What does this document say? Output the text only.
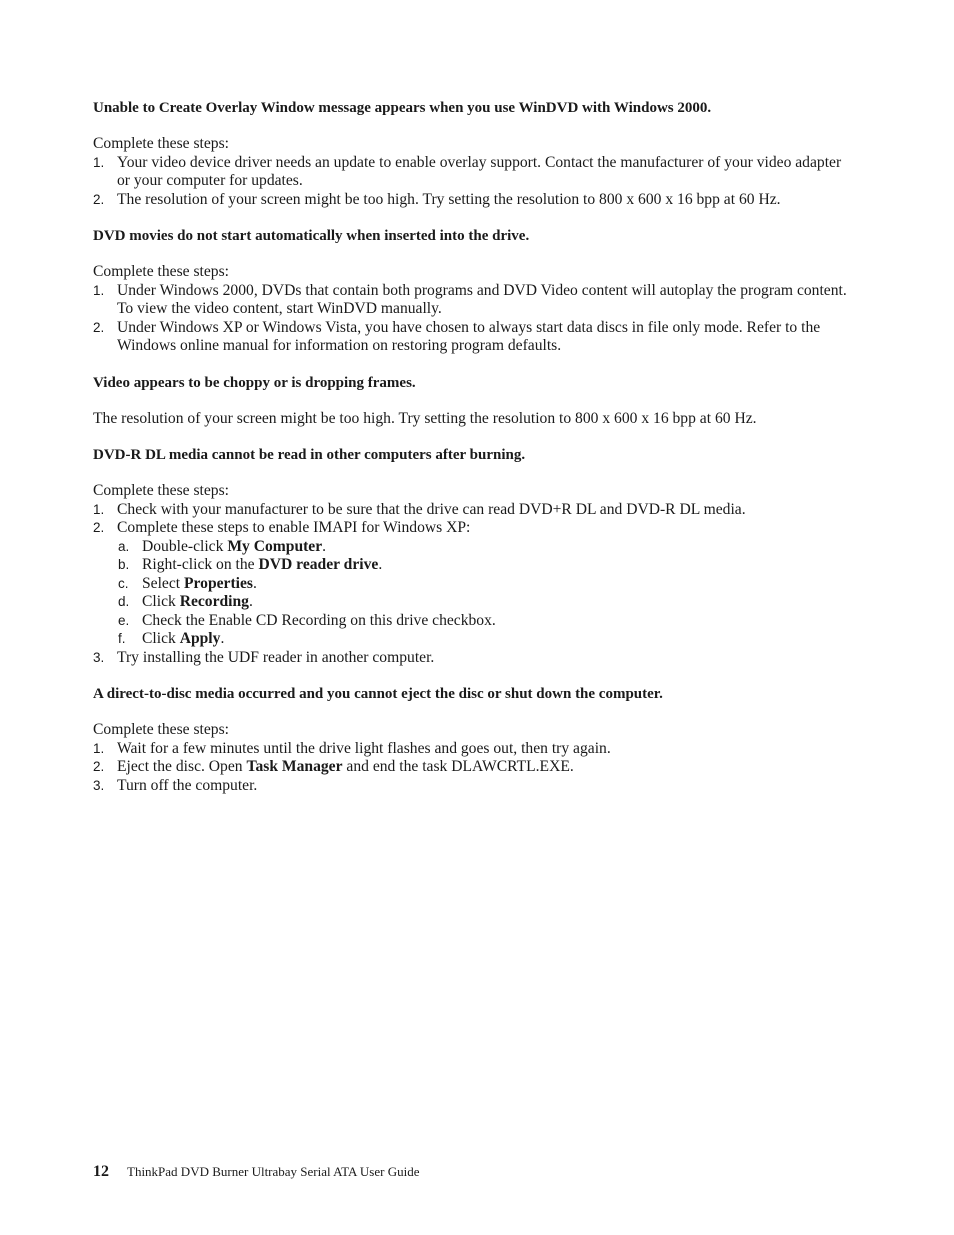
Unable to Create Overlay Window message appears when you use WinDVD with Windows 2000.

Complete these steps:

1. Your video device driver needs an update to enable overlay support. Contact the manufacturer of your video adapter or your computer for updates.
2. The resolution of your screen might be too high. Try setting the resolution to 800 x 600 x 16 bpp at 60 Hz.
DVD movies do not start automatically when inserted into the drive.

Complete these steps:

1. Under Windows 2000, DVDs that contain both programs and DVD Video content will autoplay the program content. To view the video content, start WinDVD manually.
2. Under Windows XP or Windows Vista, you have chosen to always start data discs in file only mode. Refer to the Windows online manual for information on restoring program defaults.
Video appears to be choppy or is dropping frames.

The resolution of your screen might be too high. Try setting the resolution to 800 x 600 x 16 bpp at 60 Hz.

DVD-R DL media cannot be read in other computers after burning.

Complete these steps:

1. Check with your manufacturer to be sure that the drive can read DVD+R DL and DVD-R DL media.
2. Complete these steps to enable IMAPI for Windows XP:
a. Double-click My Computer.
b. Right-click on the DVD reader drive.
c. Select Properties.
d. Click Recording.
e. Check the Enable CD Recording on this drive checkbox.
f. Click Apply.
3. Try installing the UDF reader in another computer.
A direct-to-disc media occurred and you cannot eject the disc or shut down the computer.

Complete these steps:

1. Wait for a few minutes until the drive light flashes and goes out, then try again.
2. Eject the disc. Open Task Manager and end the task DLAWCRTL.EXE.
3. Turn off the computer.
12 ThinkPad DVD Burner Ultrabay Serial ATA User Guide
